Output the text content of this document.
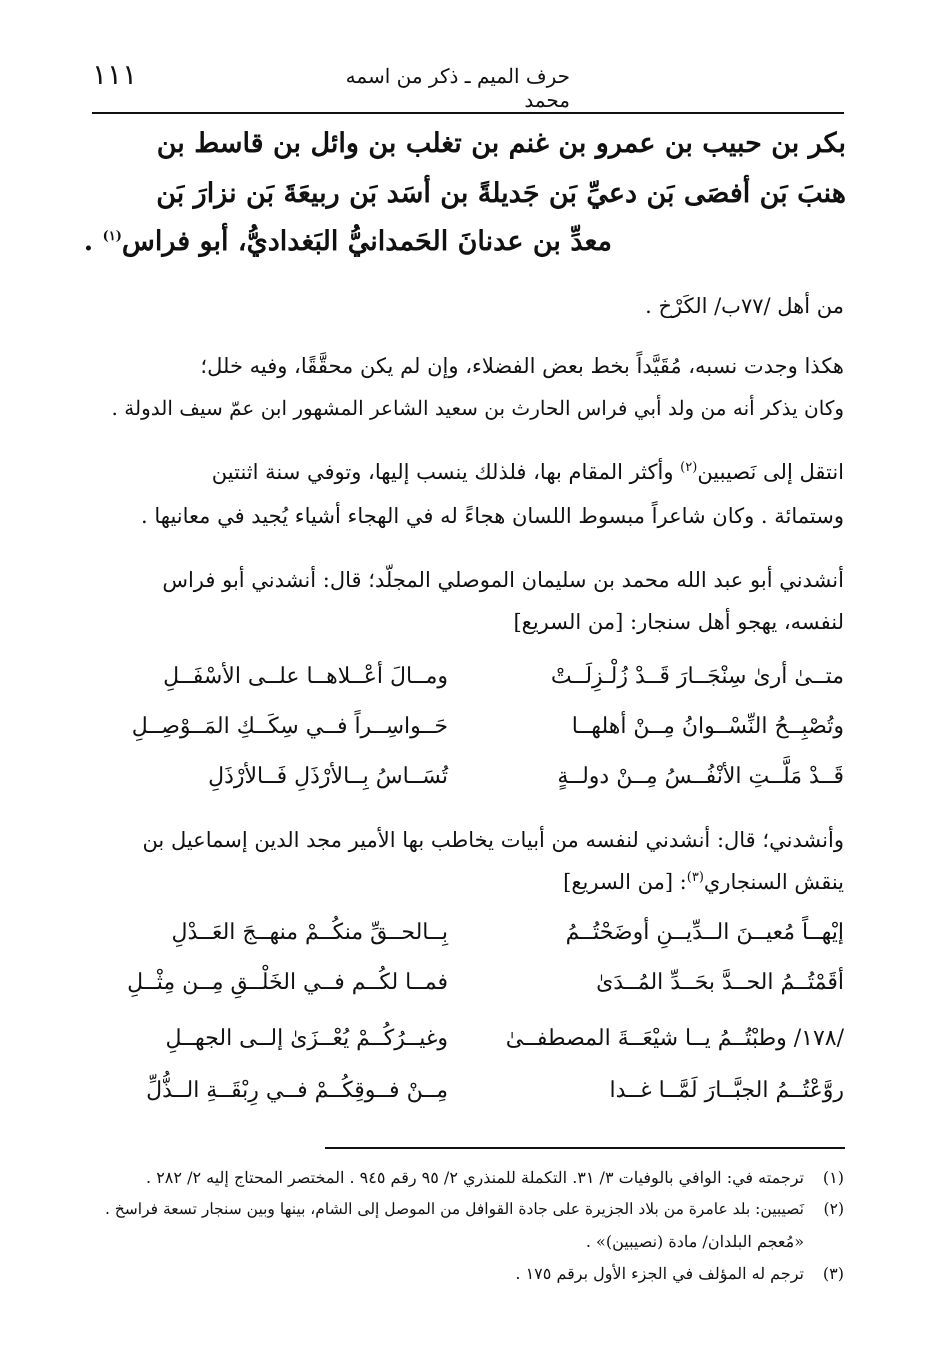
١١١	حرف الميم ـ ذكر من اسمه محمد
بكر بن حبيب بن عمرو بن غنم بن تغلب بن وائل بن قاسط بن
هنبَ بَن أفصَى بَن دعيِّ بَن جَديلةً بن أسَد بَن ربيعَةَ بَن نزارَ بَن
معدِّ بن عدنانَ الحَمدانيُّ البَغداديُّ، أبو فراس$^{(١)}$ .
من أهل /٧٧ب/ الكَرْخ .
هكذا وجدت نسبه، مُقَيَّداً بخط بعض الفضلاء، وإن لم يكن محقَّقًا، وفيه خلل؛
وكان يذكر أنه من ولد أبي فراس الحارث بن سعيد الشاعر المشهور ابن عمّ سيف الدولة .
انتقل إلى نَصيبين$^{(٢)}$ وأكثر المقام بها، فلذلك ينسب إليها، وتوفي سنة اثنتين
وستمائة . وكان شاعراً مبسوط اللسان هجاءً له في الهجاء أشياء يُجيد في معانيها .
أنشدني أبو عبد الله محمد بن سليمان الموصلي المجلّد؛ قال: أنشدني أبو فراس
لنفسه، يهجو أهل سنجار: [من السريع]
متــىٰ أرىٰ سِنْجَــارَ قَــدْ زُلْـزِلَــتْ
ومــالَ أعْــلاهــا علــى الأسْفَــلِ
وتُصْبِــحُ النِّسْــوانُ مِــنْ أهلهــا
حَــواسِــراً فــي سِكَــكِ المَــوْصِــلِ
قَــدْ مَلَّــتِ الأنْفُــسُ مِــنْ دولــةٍ
تُسَــاسُ بِــالأرْذَلِ فَــالأرْذَلِ
وأنشدني؛ قال: أنشدني لنفسه من أبيات يخاطب بها الأمير مجد الدين إسماعيل بن
ينقش السنجاري$^{(٣)}$: [من السريع]
إيْهــاً مُعيــنَ الــدِّيــنِ أوضَحْتُــمُ
بِــالحــقِّ منكُــمْ منهــجَ العَــدْلِ
أقَمْتُــمُ الحــدَّ بحَــدِّ المُــدَىٰ
فمــا لكُــم فــي الخَلْــقِ مِــن مِثْــلِ
/١٧٨/ وطبْتُــمُ يــا شيْعَــةَ المصطفــىٰ
وغيــرُكُــمْ يُعْــزَىٰ إلــى الجهــلِ
روَّعْتُــمُ الجبَّــارَ لَمَّــا غــدا
مِــنْ فــوقِكُــمْ فــي رِبْقَــةِ الــذُّلِّ
(١)ترجمته في: الوافي بالوفيات ٣/ ٣١. التكملة للمنذري ٢/ ٩٥ رقم ٩٤٥ . المختصر المحتاج إليه ٢/ ٢٨٢ .
(٢)نَصيبين: بلد عامرة من بلاد الجزيرة على جادة القوافل من الموصل إلى الشام، بينها وبين سنجار تسعة فراسخ .
«مُعجم البلدان/ مادة (نصيبين)» .
(٣)ترجم له المؤلف في الجزء الأول برقم ١٧٥ .
